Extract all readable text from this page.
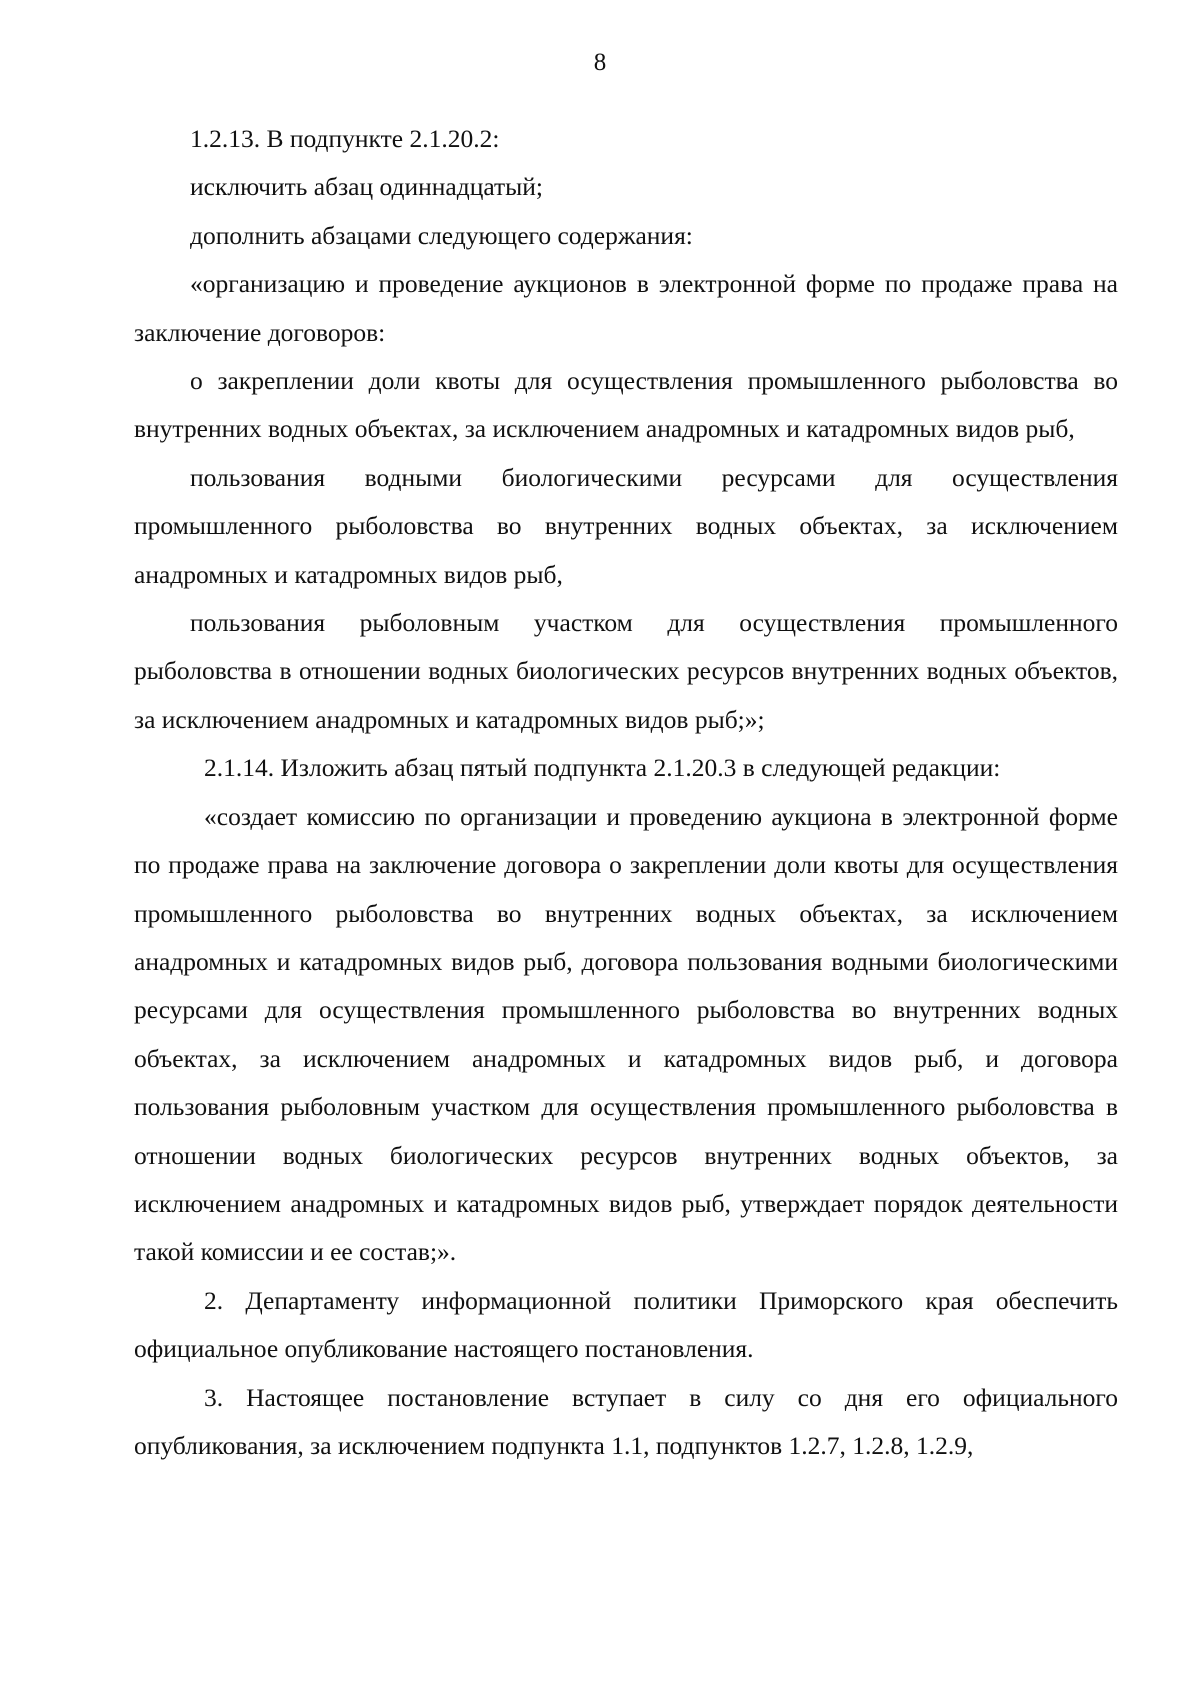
8

1.2.13. В подпункте 2.1.20.2:

исключить абзац одиннадцатый;

дополнить абзацами следующего содержания:

«организацию и проведение аукционов в электронной форме по продаже права на заключение договоров:

о закреплении доли квоты для осуществления промышленного рыболовства во внутренних водных объектах, за исключением анадромных и катадромных видов рыб,

пользования водными биологическими ресурсами для осуществления промышленного рыболовства во внутренних водных объектах, за исключением анадромных и катадромных видов рыб,

пользования рыболовным участком для осуществления промышленного рыболовства в отношении водных биологических ресурсов внутренних водных объектов, за исключением анадромных и катадромных видов рыб;»;

2.1.14. Изложить абзац пятый подпункта 2.1.20.3 в следующей редакции:

«создает комиссию по организации и проведению аукциона в электронной форме по продаже права на заключение договора о закреплении доли квоты для осуществления промышленного рыболовства во внутренних водных объектах, за исключением анадромных и катадромных видов рыб, договора пользования водными биологическими ресурсами для осуществления промышленного рыболовства во внутренних водных объектах, за исключением анадромных и катадромных видов рыб, и договора пользования рыболовным участком для осуществления промышленного рыболовства в отношении водных биологических ресурсов внутренних водных объектов, за исключением анадромных и катадромных видов рыб, утверждает порядок деятельности такой комиссии и ее состав;».

2. Департаменту информационной политики Приморского края обеспечить официальное опубликование настоящего постановления.

3. Настоящее постановление вступает в силу со дня его официального опубликования, за исключением подпункта 1.1, подпунктов 1.2.7, 1.2.8, 1.2.9,
